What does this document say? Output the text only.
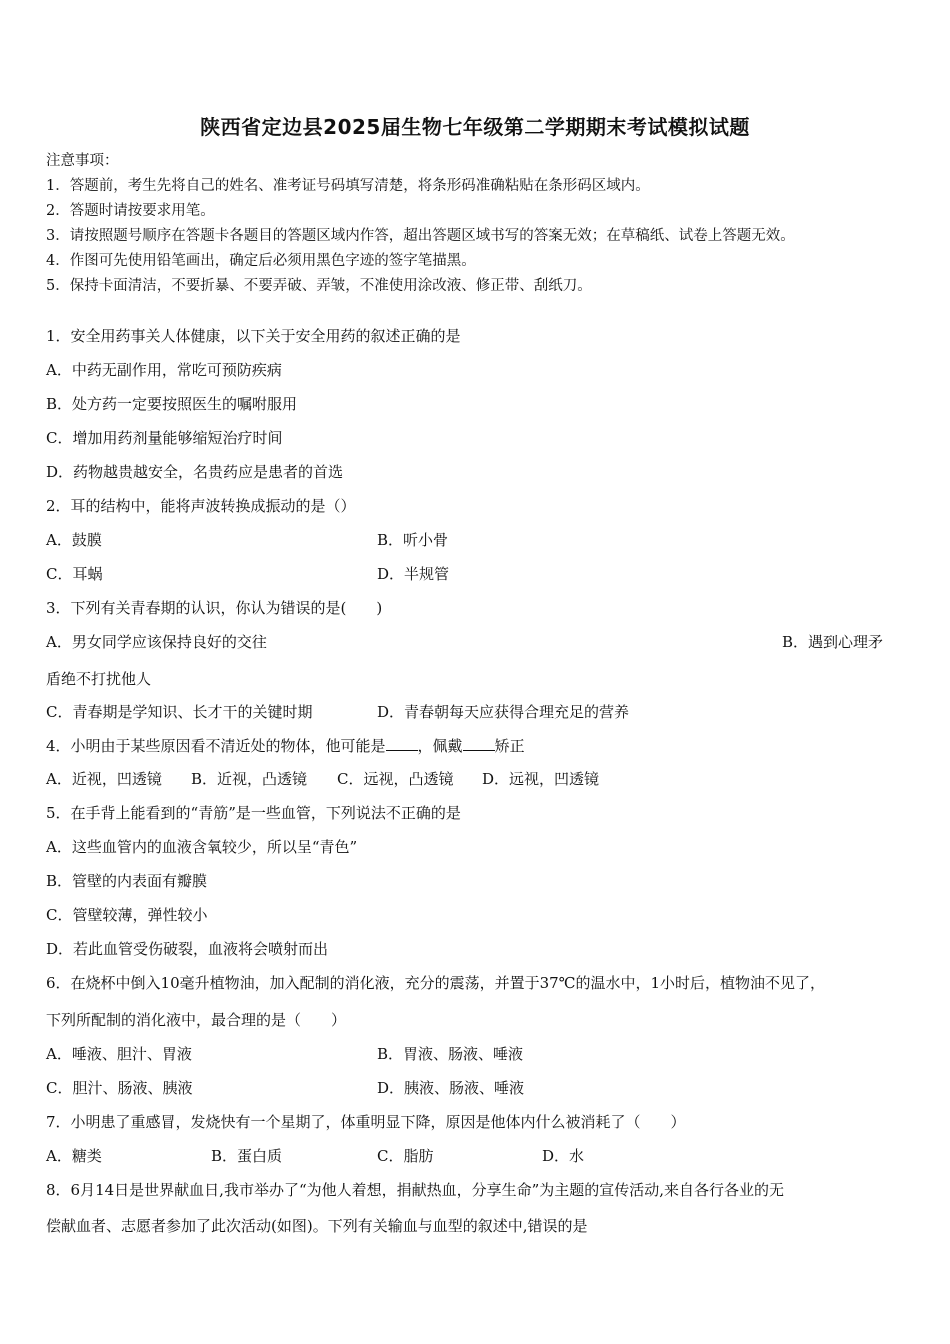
陕西省定边县2025届生物七年级第二学期期末考试模拟试题
注意事项：
1．答题前，考生先将自己的姓名、准考证号码填写清楚，将条形码准确粘贴在条形码区域内。
2．答题时请按要求用笔。
3．请按照题号顺序在答题卡各题目的答题区域内作答，超出答题区域书写的答案无效；在草稿纸、试卷上答题无效。
4．作图可先使用铅笔画出，确定后必须用黑色字迹的签字笔描黑。
5．保持卡面清洁，不要折暴、不要弄破、弄皱，不准使用涂改液、修正带、刮纸刀。
1．安全用药事关人体健康，以下关于安全用药的叙述正确的是
A．中药无副作用，常吃可预防疾病
B．处方药一定要按照医生的嘱咐服用
C．增加用药剂量能够缩短治疗时间
D．药物越贵越安全，名贵药应是患者的首选
2．耳的结构中，能将声波转换成振动的是（）
A．鼓膜	B．听小骨
C．耳蜗	D．半规管
3．下列有关青春期的认识，你认为错误的是(　　)
A．男女同学应该保持良好的交往	B．遇到心理矛
盾绝不打扰他人
C．青春期是学知识、长才干的关键时期	D．青春朝每天应获得合理充足的营养
4．小明由于某些原因看不清近处的物体，他可能是 ，佩戴 矫正
A．近视，凹透镜 B．近视，凸透镜 C．远视，凸透镜 D．远视，凹透镜
5．在手背上能看到的“青筋”是一些血管，下列说法不正确的是
A．这些血管内的血液含氧较少，所以呈“青色”
B．管壁的内表面有瓣膜
C．管壁较薄，弹性较小
D．若此血管受伤破裂，血液将会喷射而出
6．在烧杯中倒入10毫升植物油，加入配制的消化液，充分的震荡，并置于37℃的温水中，1小时后，植物油不见了，
下列所配制的消化液中，最合理的是（　　）
A．唾液、胆汁、胃液	B．胃液、肠液、唾液
C．胆汁、肠液、胰液	D．胰液、肠液、唾液
7．小明患了重感冒，发烧快有一个星期了，体重明显下降，原因是他体内什么被消耗了（　　）
A．糖类	B．蛋白质	C．脂肪	D．水
8．6月14日是世界献血日,我市举办了“为他人着想，捐献热血，分享生命”为主题的宣传活动,来自各行各业的无
偿献血者、志愿者参加了此次活动(如图)。下列有关输血与血型的叙述中,错误的是
